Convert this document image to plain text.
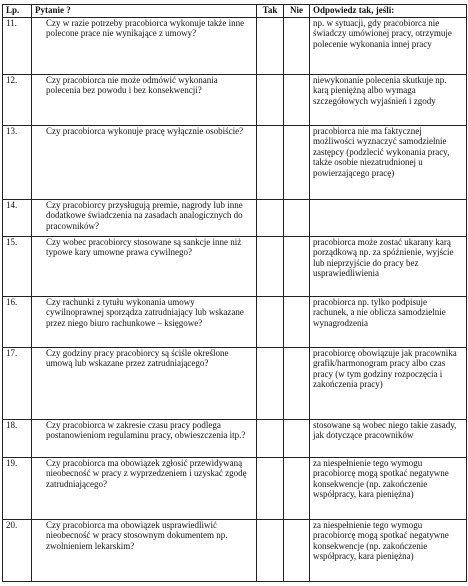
Lp.	Pytanie ?	Tak	Nie	Odpowiedz tak, jeśli:
11.	Czy w razie potrzeby pracobiorca wykonuje także inne polecone prace nie wynikające z umowy?			np. w sytuacji, gdy pracobiorca nie świadczy umówionej pracy, otrzymuje polecenie wykonania innej pracy
12.	Czy pracobiorca nie może odmówić wykonania polecenia bez powodu i bez konsekwencji?			niewykonanie polecenia skutkuje np. karą pieniężną albo wymaga szczegółowych wyjaśnień i zgody
13.	Czy pracobiorca wykonuje pracę wyłącznie osobiście?			pracobiorca nie ma faktycznej możliwości wyznaczyć samodzielnie zastępcy (podzlecić wykonania pracy, także osobie niezatrudnionej u powierzającego pracę)
14.	Czy pracobiorcy przysługują premie, nagrody lub inne dodatkowe świadczenia na zasadach analogicznych do pracowników?			
15.	Czy wobec pracobiorcy stosowane są sankcje inne niż typowe kary umowne prawa cywilnego?			pracobiorca może zostać ukarany karą porządkową np. za spóźnienie, wyjście lub nieprzyjście do pracy bez usprawiedliwienia
16.	Czy rachunki z tytułu wykonania umowy cywilnoprawnej sporządza zatrudniający lub wskazane przez niego biuro rachunkowe – księgowe?			pracobiorca np. tylko podpisuje rachunek, a nie oblicza samodzielnie wynagrodzenia
17.	Czy godziny pracy pracobiorcy są ściśle określone umową lub wskazane przez zatrudniającego?			pracobiorcę obowiązuje jak pracownika grafik/harmonogram pracy albo czas pracy (w tym godziny rozpoczęcia i zakończenia pracy)
18.	Czy pracobiorca w zakresie czasu pracy podlega postanowieniom regulaminu pracy, obwieszczenia itp.?			stosowane są wobec niego takie zasady, jak dotyczące pracowników
19.	Czy pracobiorca ma obowiązek zgłosić przewidywaną nieobecność w pracy z wyprzedzeniem i uzyskać zgodę zatrudniającego?			za niespełnienie tego wymogu pracobiorcę mogą spotkać negatywne konsekwencje (np. zakończenie współpracy, kara pieniężna)
20.	Czy pracobiorca ma obowiązek usprawiedliwić nieobecność w pracy stosownym dokumentem np. zwolnieniem lekarskim?			za niespełnienie tego wymogu pracobiorcę mogą spotkać negatywne konsekwencje (np. zakończenie współpracy, kara pieniężna)
